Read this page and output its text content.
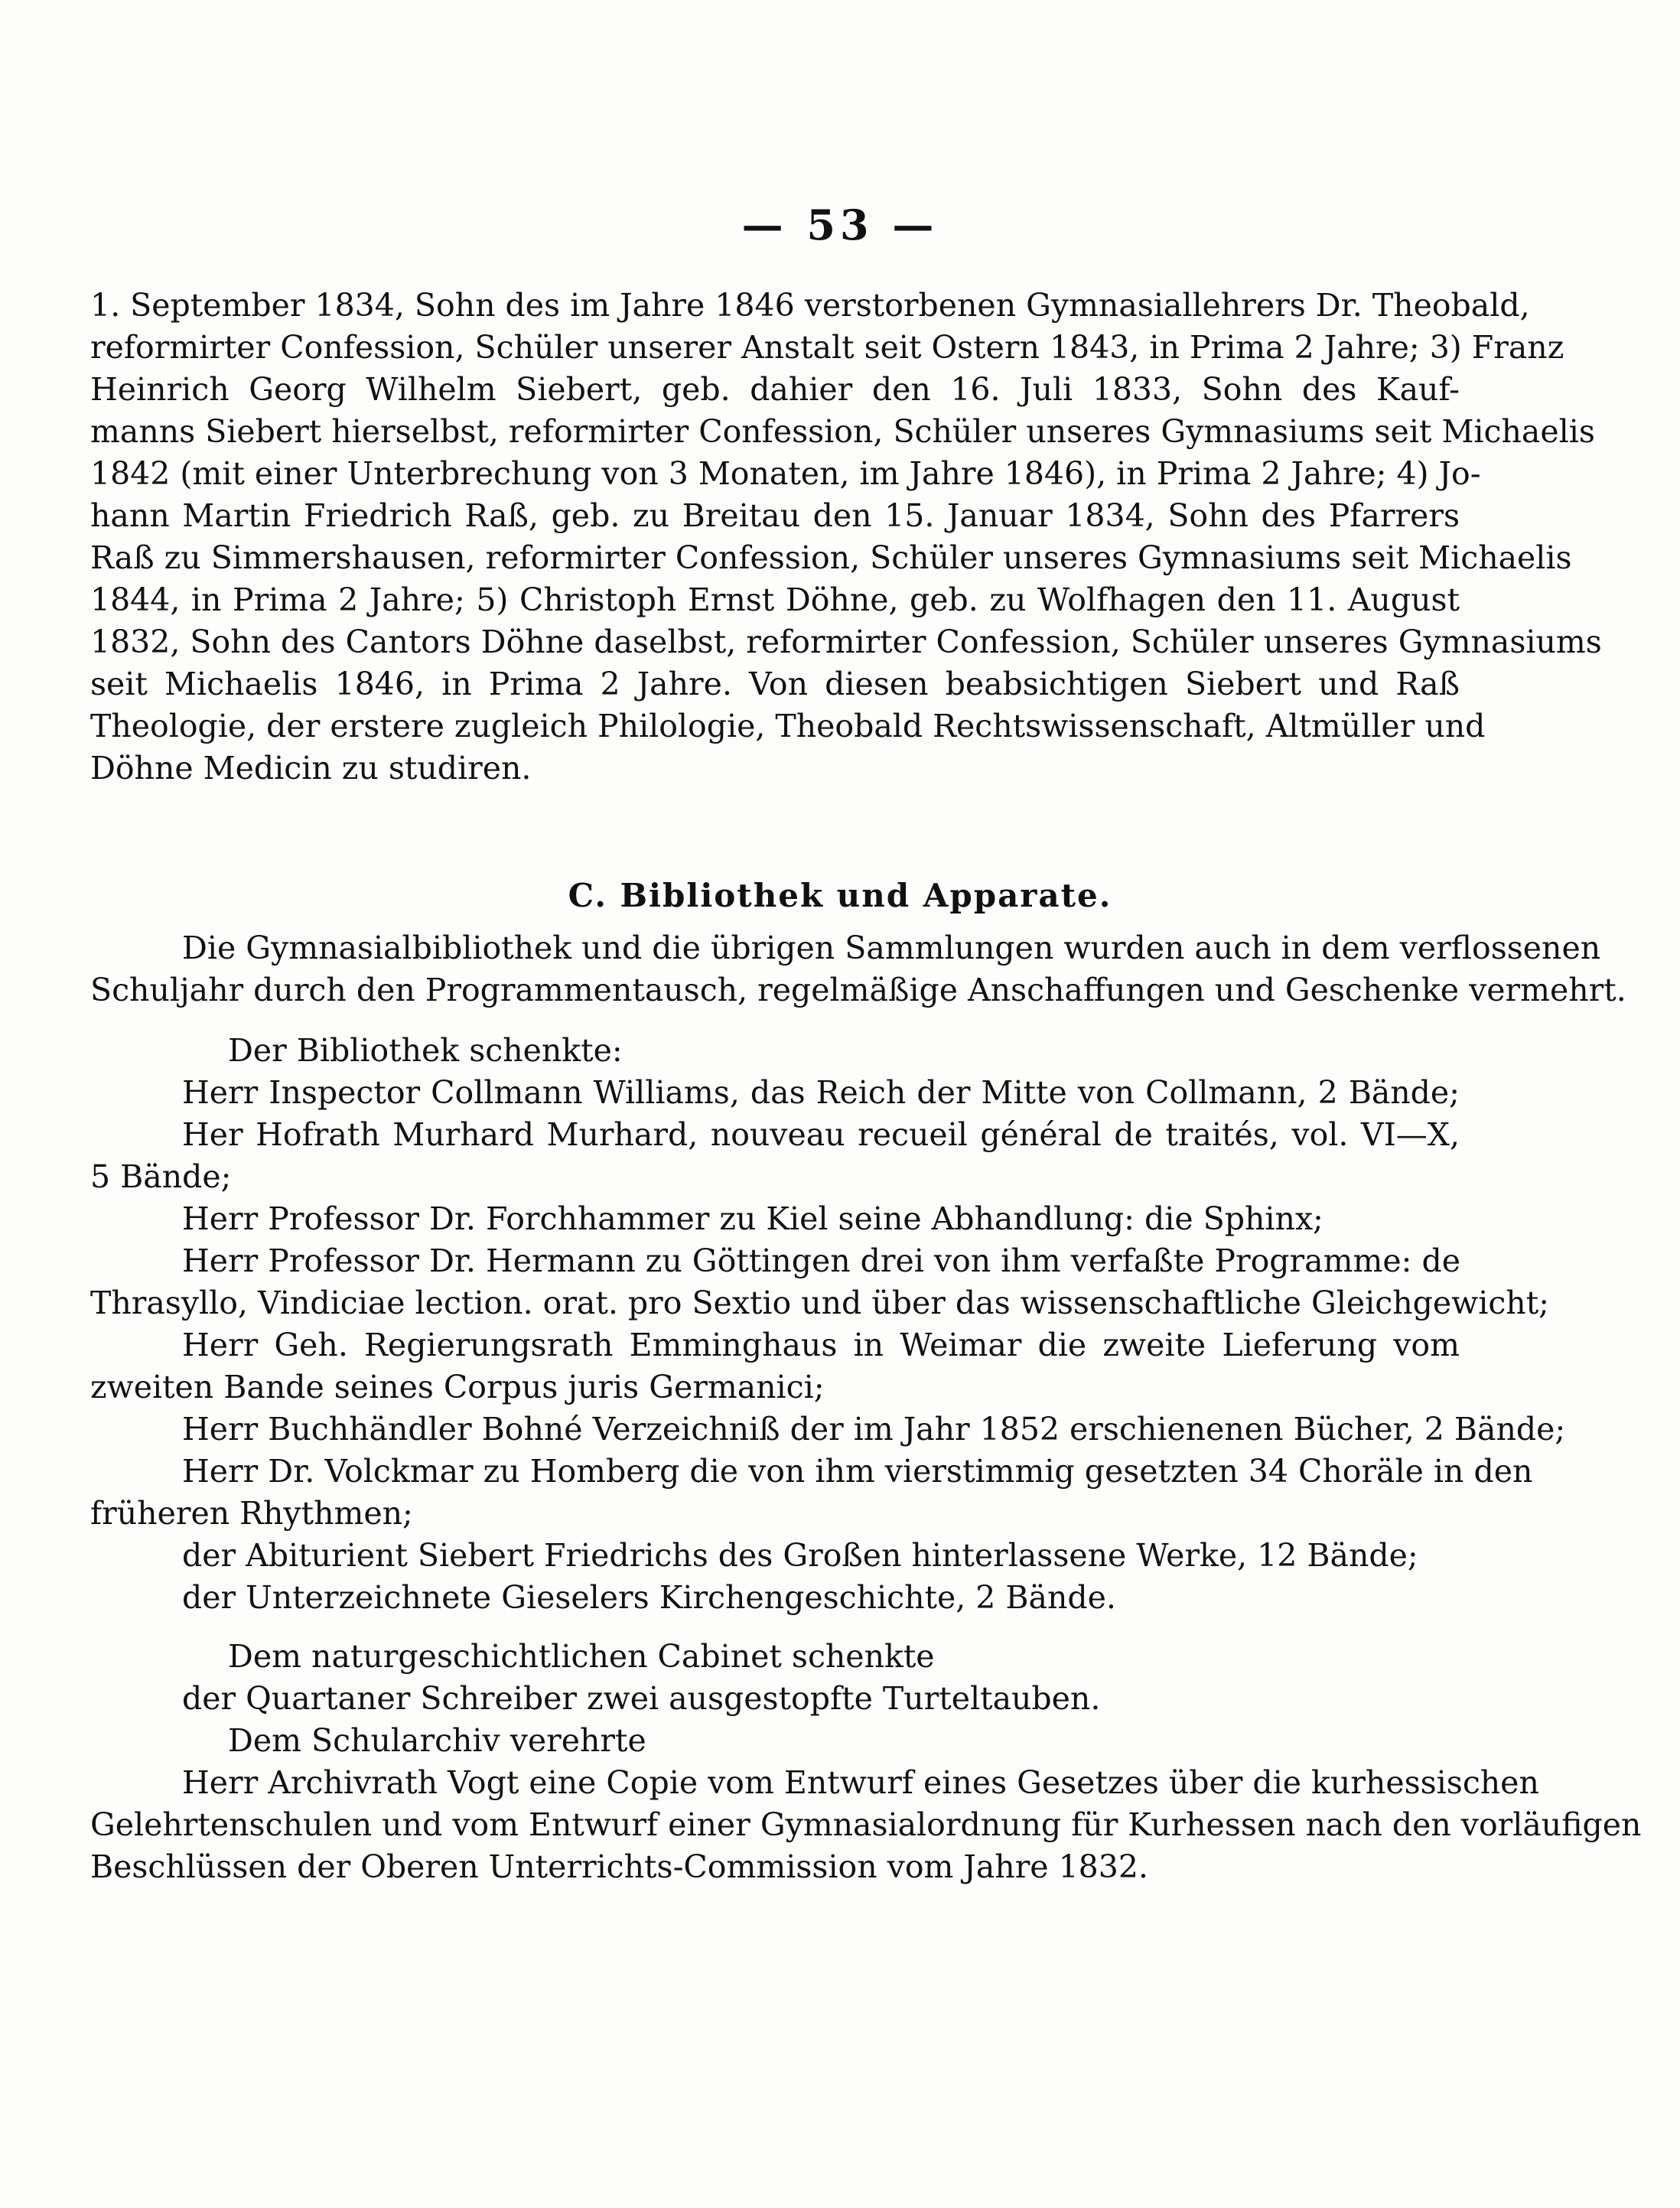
— 53 —
1. September 1834, Sohn des im Jahre 1846 verstorbenen Gymnasiallehrers Dr. Theobald,
reformirter Confession, Schüler unserer Anstalt seit Ostern 1843, in Prima 2 Jahre; 3) Franz
Heinrich Georg Wilhelm Siebert, geb. dahier den 16. Juli 1833, Sohn des Kauf-
manns Siebert hierselbst, reformirter Confession, Schüler unseres Gymnasiums seit Michaelis
1842 (mit einer Unterbrechung von 3 Monaten, im Jahre 1846), in Prima 2 Jahre; 4) Jo-
hann Martin Friedrich Raß, geb. zu Breitau den 15. Januar 1834, Sohn des Pfarrers
Raß zu Simmershausen, reformirter Confession, Schüler unseres Gymnasiums seit Michaelis
1844, in Prima 2 Jahre; 5) Christoph Ernst Döhne, geb. zu Wolfhagen den 11. August
1832, Sohn des Cantors Döhne daselbst, reformirter Confession, Schüler unseres Gymnasiums
seit Michaelis 1846, in Prima 2 Jahre. Von diesen beabsichtigen Siebert und Raß
Theologie, der erstere zugleich Philologie, Theobald Rechtswissenschaft, Altmüller und
Döhne Medicin zu studiren.
C. Bibliothek und Apparate.
Die Gymnasialbibliothek und die übrigen Sammlungen wurden auch in dem verflossenen
Schuljahr durch den Programmentausch, regelmäßige Anschaffungen und Geschenke vermehrt.
Der Bibliothek schenkte:
Herr Inspector Collmann Williams, das Reich der Mitte von Collmann, 2 Bände;
Her Hofrath Murhard Murhard, nouveau recueil général de traités, vol. VI—X,
5 Bände;
Herr Professor Dr. Forchhammer zu Kiel seine Abhandlung: die Sphinx;
Herr Professor Dr. Hermann zu Göttingen drei von ihm verfaßte Programme: de
Thrasyllo, Vindiciae lection. orat. pro Sextio und über das wissenschaftliche Gleichgewicht;
Herr Geh. Regierungsrath Emminghaus in Weimar die zweite Lieferung vom
zweiten Bande seines Corpus juris Germanici;
Herr Buchhändler Bohné Verzeichniß der im Jahr 1852 erschienenen Bücher, 2 Bände;
Herr Dr. Volckmar zu Homberg die von ihm vierstimmig gesetzten 34 Choräle in den
früheren Rhythmen;
der Abiturient Siebert Friedrichs des Großen hinterlassene Werke, 12 Bände;
der Unterzeichnete Gieselers Kirchengeschichte, 2 Bände.
Dem naturgeschichtlichen Cabinet schenkte
der Quartaner Schreiber zwei ausgestopfte Turteltauben.
Dem Schularchiv verehrte
Herr Archivrath Vogt eine Copie vom Entwurf eines Gesetzes über die kurhessischen
Gelehrtenschulen und vom Entwurf einer Gymnasialordnung für Kurhessen nach den vorläufigen
Beschlüssen der Oberen Unterrichts-Commission vom Jahre 1832.
